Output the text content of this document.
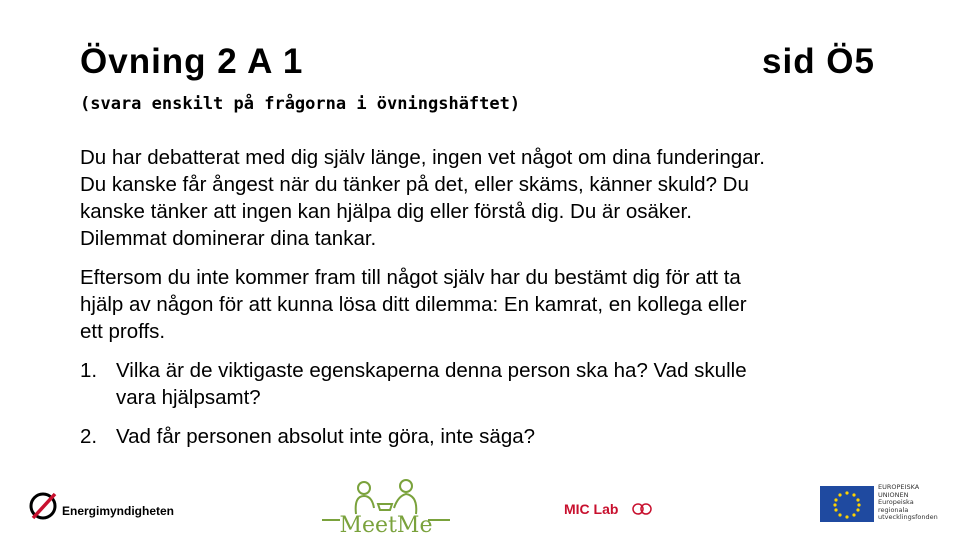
Övning 2 A 1	sid Ö5
(svara enskilt på frågorna i övningshäftet)
Du har debatterat med dig själv länge, ingen vet något om dina funderingar.
Du kanske får ångest när du tänker på det, eller skäms, känner skuld? Du
kanske tänker att ingen kan hjälpa dig eller förstå dig. Du är osäker.
Dilemmat dominerar dina tankar.
Eftersom du inte kommer fram till något själv har du bestämt dig för att ta
hjälp av någon för att kunna lösa ditt dilemma: En kamrat, en kollega eller
ett proffs.
1. Vilka är de viktigaste egenskaperna denna person ska ha? Vad skulle
vara hjälpsamt?
2. Vad får personen absolut inte göra, inte säga?
Energimyndigheten
MeetMe
MIC Lab
EUROPEISKA
UNIONEN
Europeiska
regionala
utvecklingsfonden
